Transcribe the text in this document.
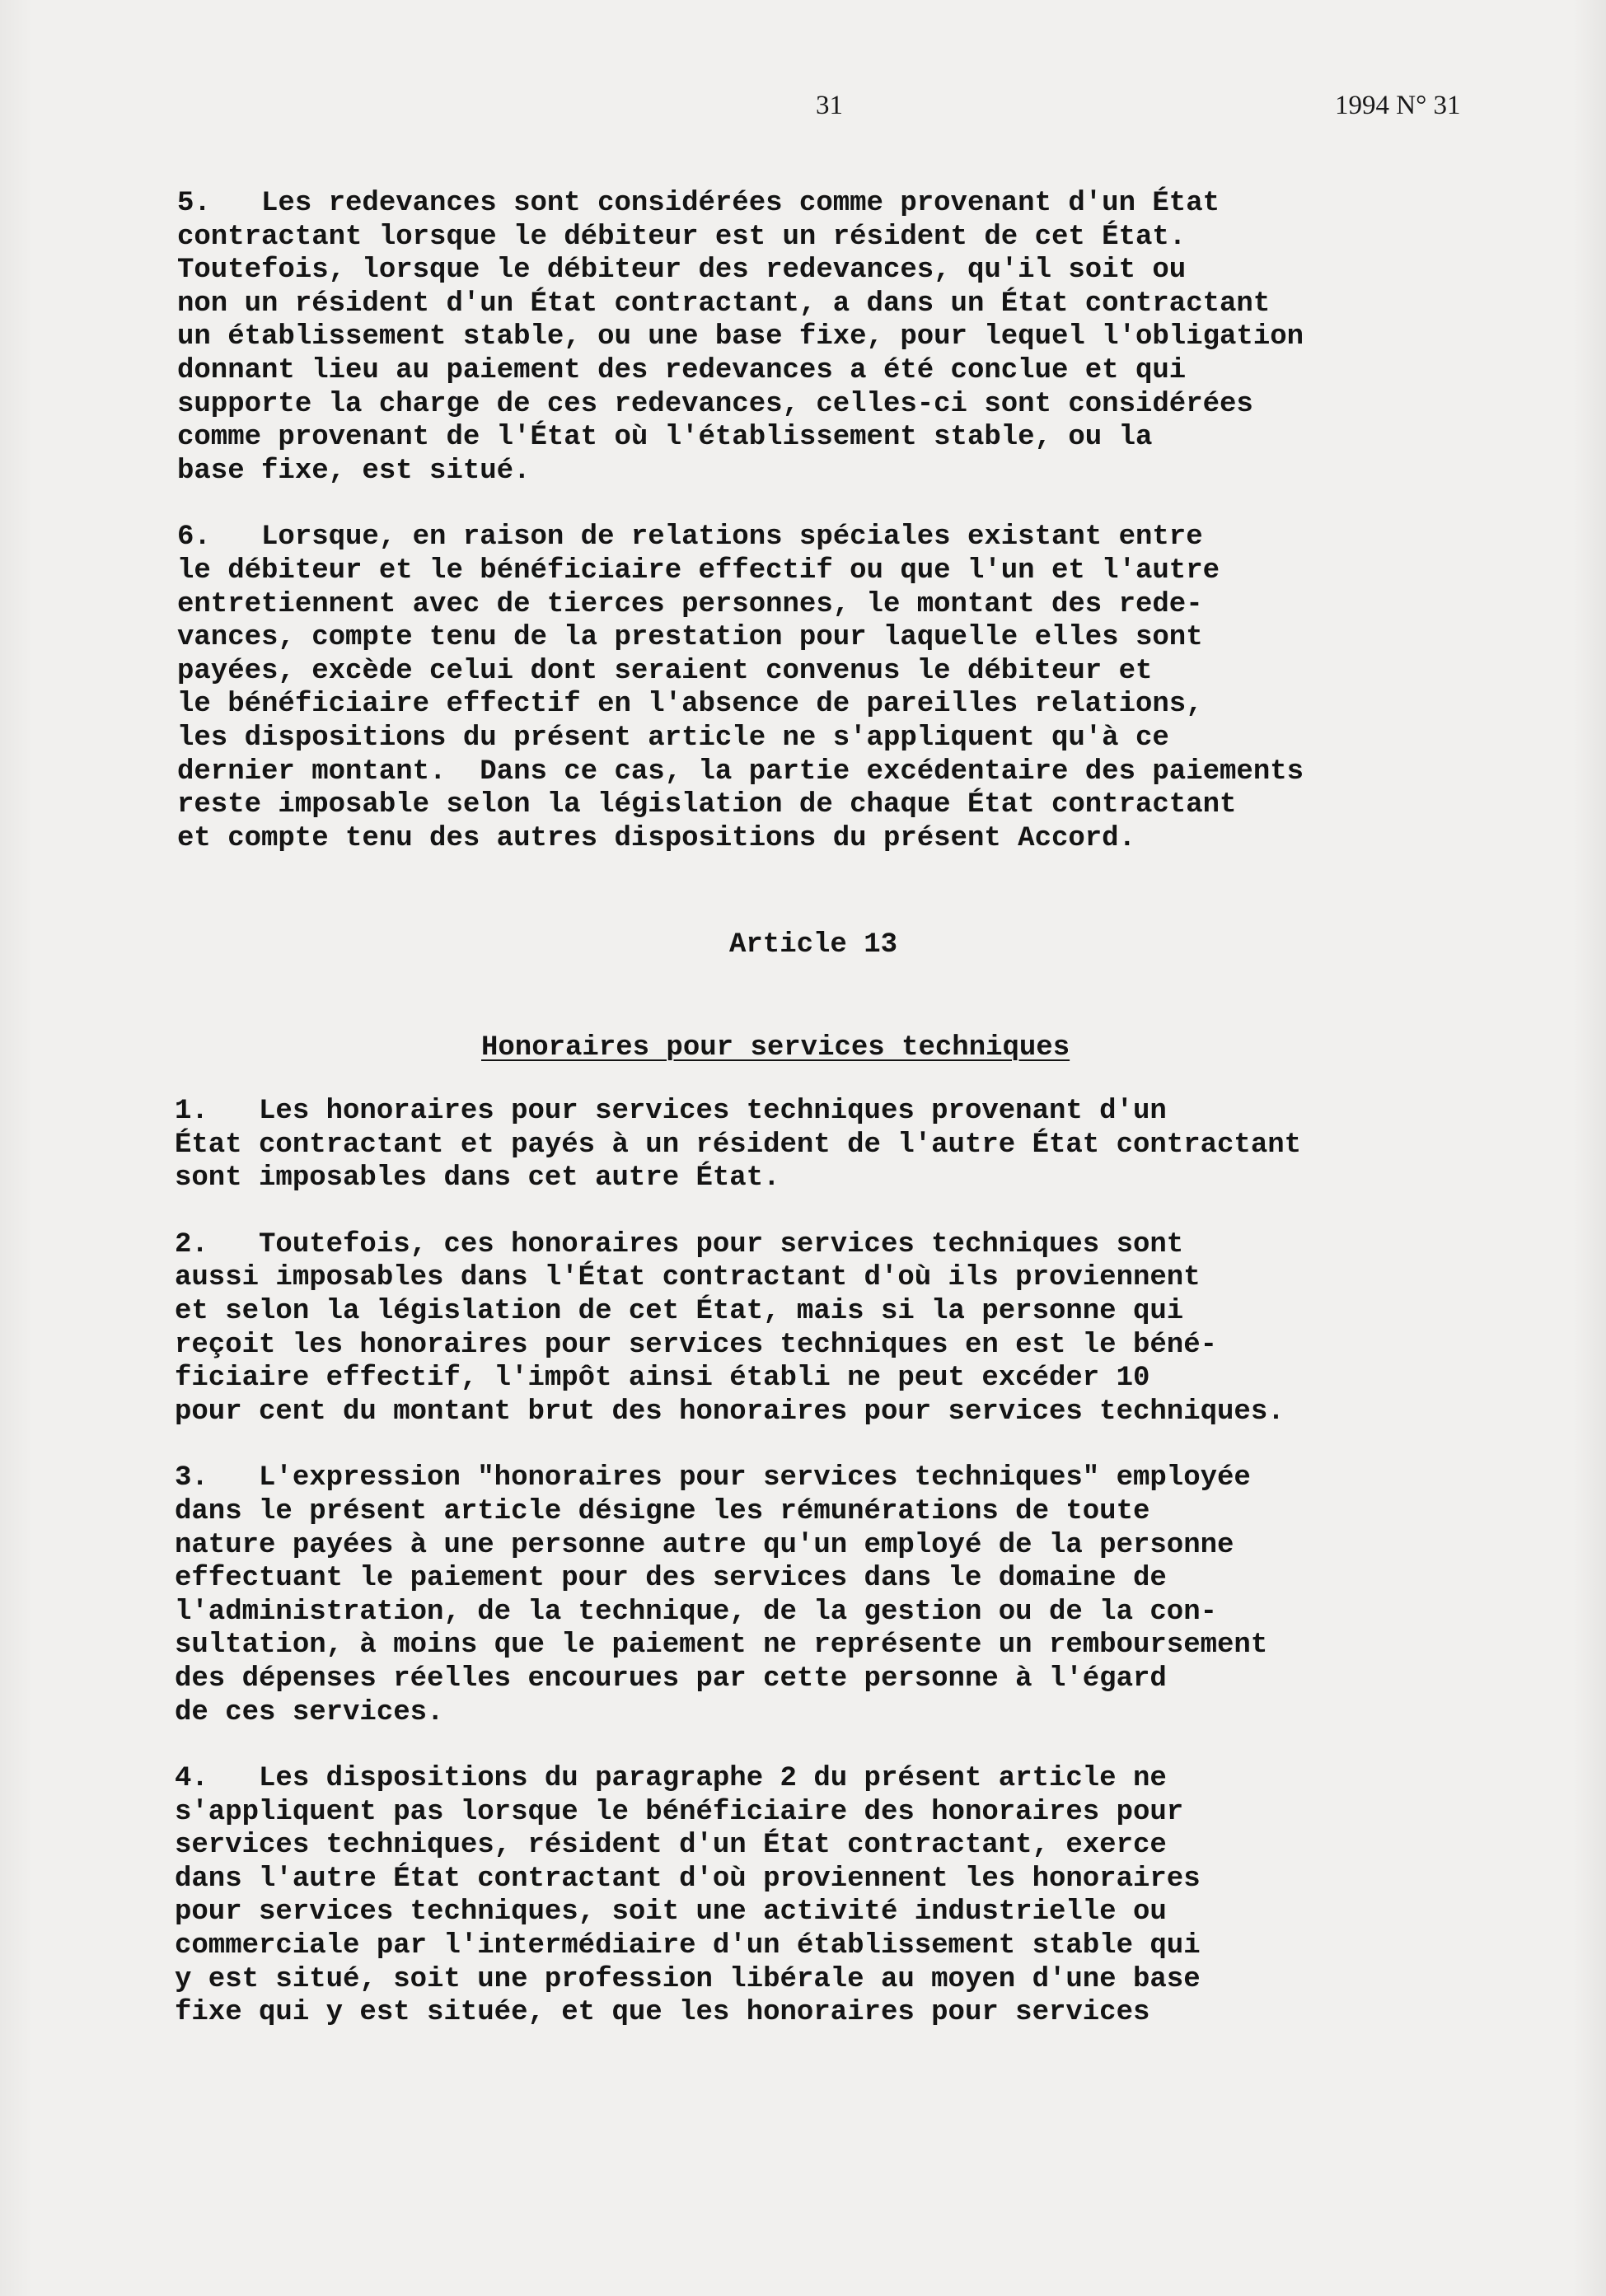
31	1994 N° 31

5.   Les redevances sont considérées comme provenant d'un État
contractant lorsque le débiteur est un résident de cet État.
Toutefois, lorsque le débiteur des redevances, qu'il soit ou
non un résident d'un État contractant, a dans un État contractant
un établissement stable, ou une base fixe, pour lequel l'obligation
donnant lieu au paiement des redevances a été conclue et qui
supporte la charge de ces redevances, celles-ci sont considérées
comme provenant de l'État où l'établissement stable, ou la
base fixe, est situé.

6.   Lorsque, en raison de relations spéciales existant entre
le débiteur et le bénéficiaire effectif ou que l'un et l'autre
entretiennent avec de tierces personnes, le montant des rede-
vances, compte tenu de la prestation pour laquelle elles sont
payées, excède celui dont seraient convenus le débiteur et
le bénéficiaire effectif en l'absence de pareilles relations,
les dispositions du présent article ne s'appliquent qu'à ce
dernier montant.  Dans ce cas, la partie excédentaire des paiements
reste imposable selon la législation de chaque État contractant
et compte tenu des autres dispositions du présent Accord.

Article 13
Honoraires pour services techniques

1.   Les honoraires pour services techniques provenant d'un
État contractant et payés à un résident de l'autre État contractant
sont imposables dans cet autre État.

2.   Toutefois, ces honoraires pour services techniques sont
aussi imposables dans l'État contractant d'où ils proviennent
et selon la législation de cet État, mais si la personne qui
reçoit les honoraires pour services techniques en est le béné-
ficiaire effectif, l'impôt ainsi établi ne peut excéder 10
pour cent du montant brut des honoraires pour services techniques.

3.   L'expression "honoraires pour services techniques" employée
dans le présent article désigne les rémunérations de toute
nature payées à une personne autre qu'un employé de la personne
effectuant le paiement pour des services dans le domaine de
l'administration, de la technique, de la gestion ou de la con-
sultation, à moins que le paiement ne représente un remboursement
des dépenses réelles encourues par cette personne à l'égard
de ces services.

4.   Les dispositions du paragraphe 2 du présent article ne
s'appliquent pas lorsque le bénéficiaire des honoraires pour
services techniques, résident d'un État contractant, exerce
dans l'autre État contractant d'où proviennent les honoraires
pour services techniques, soit une activité industrielle ou
commerciale par l'intermédiaire d'un établissement stable qui
y est situé, soit une profession libérale au moyen d'une base
fixe qui y est située, et que les honoraires pour services
